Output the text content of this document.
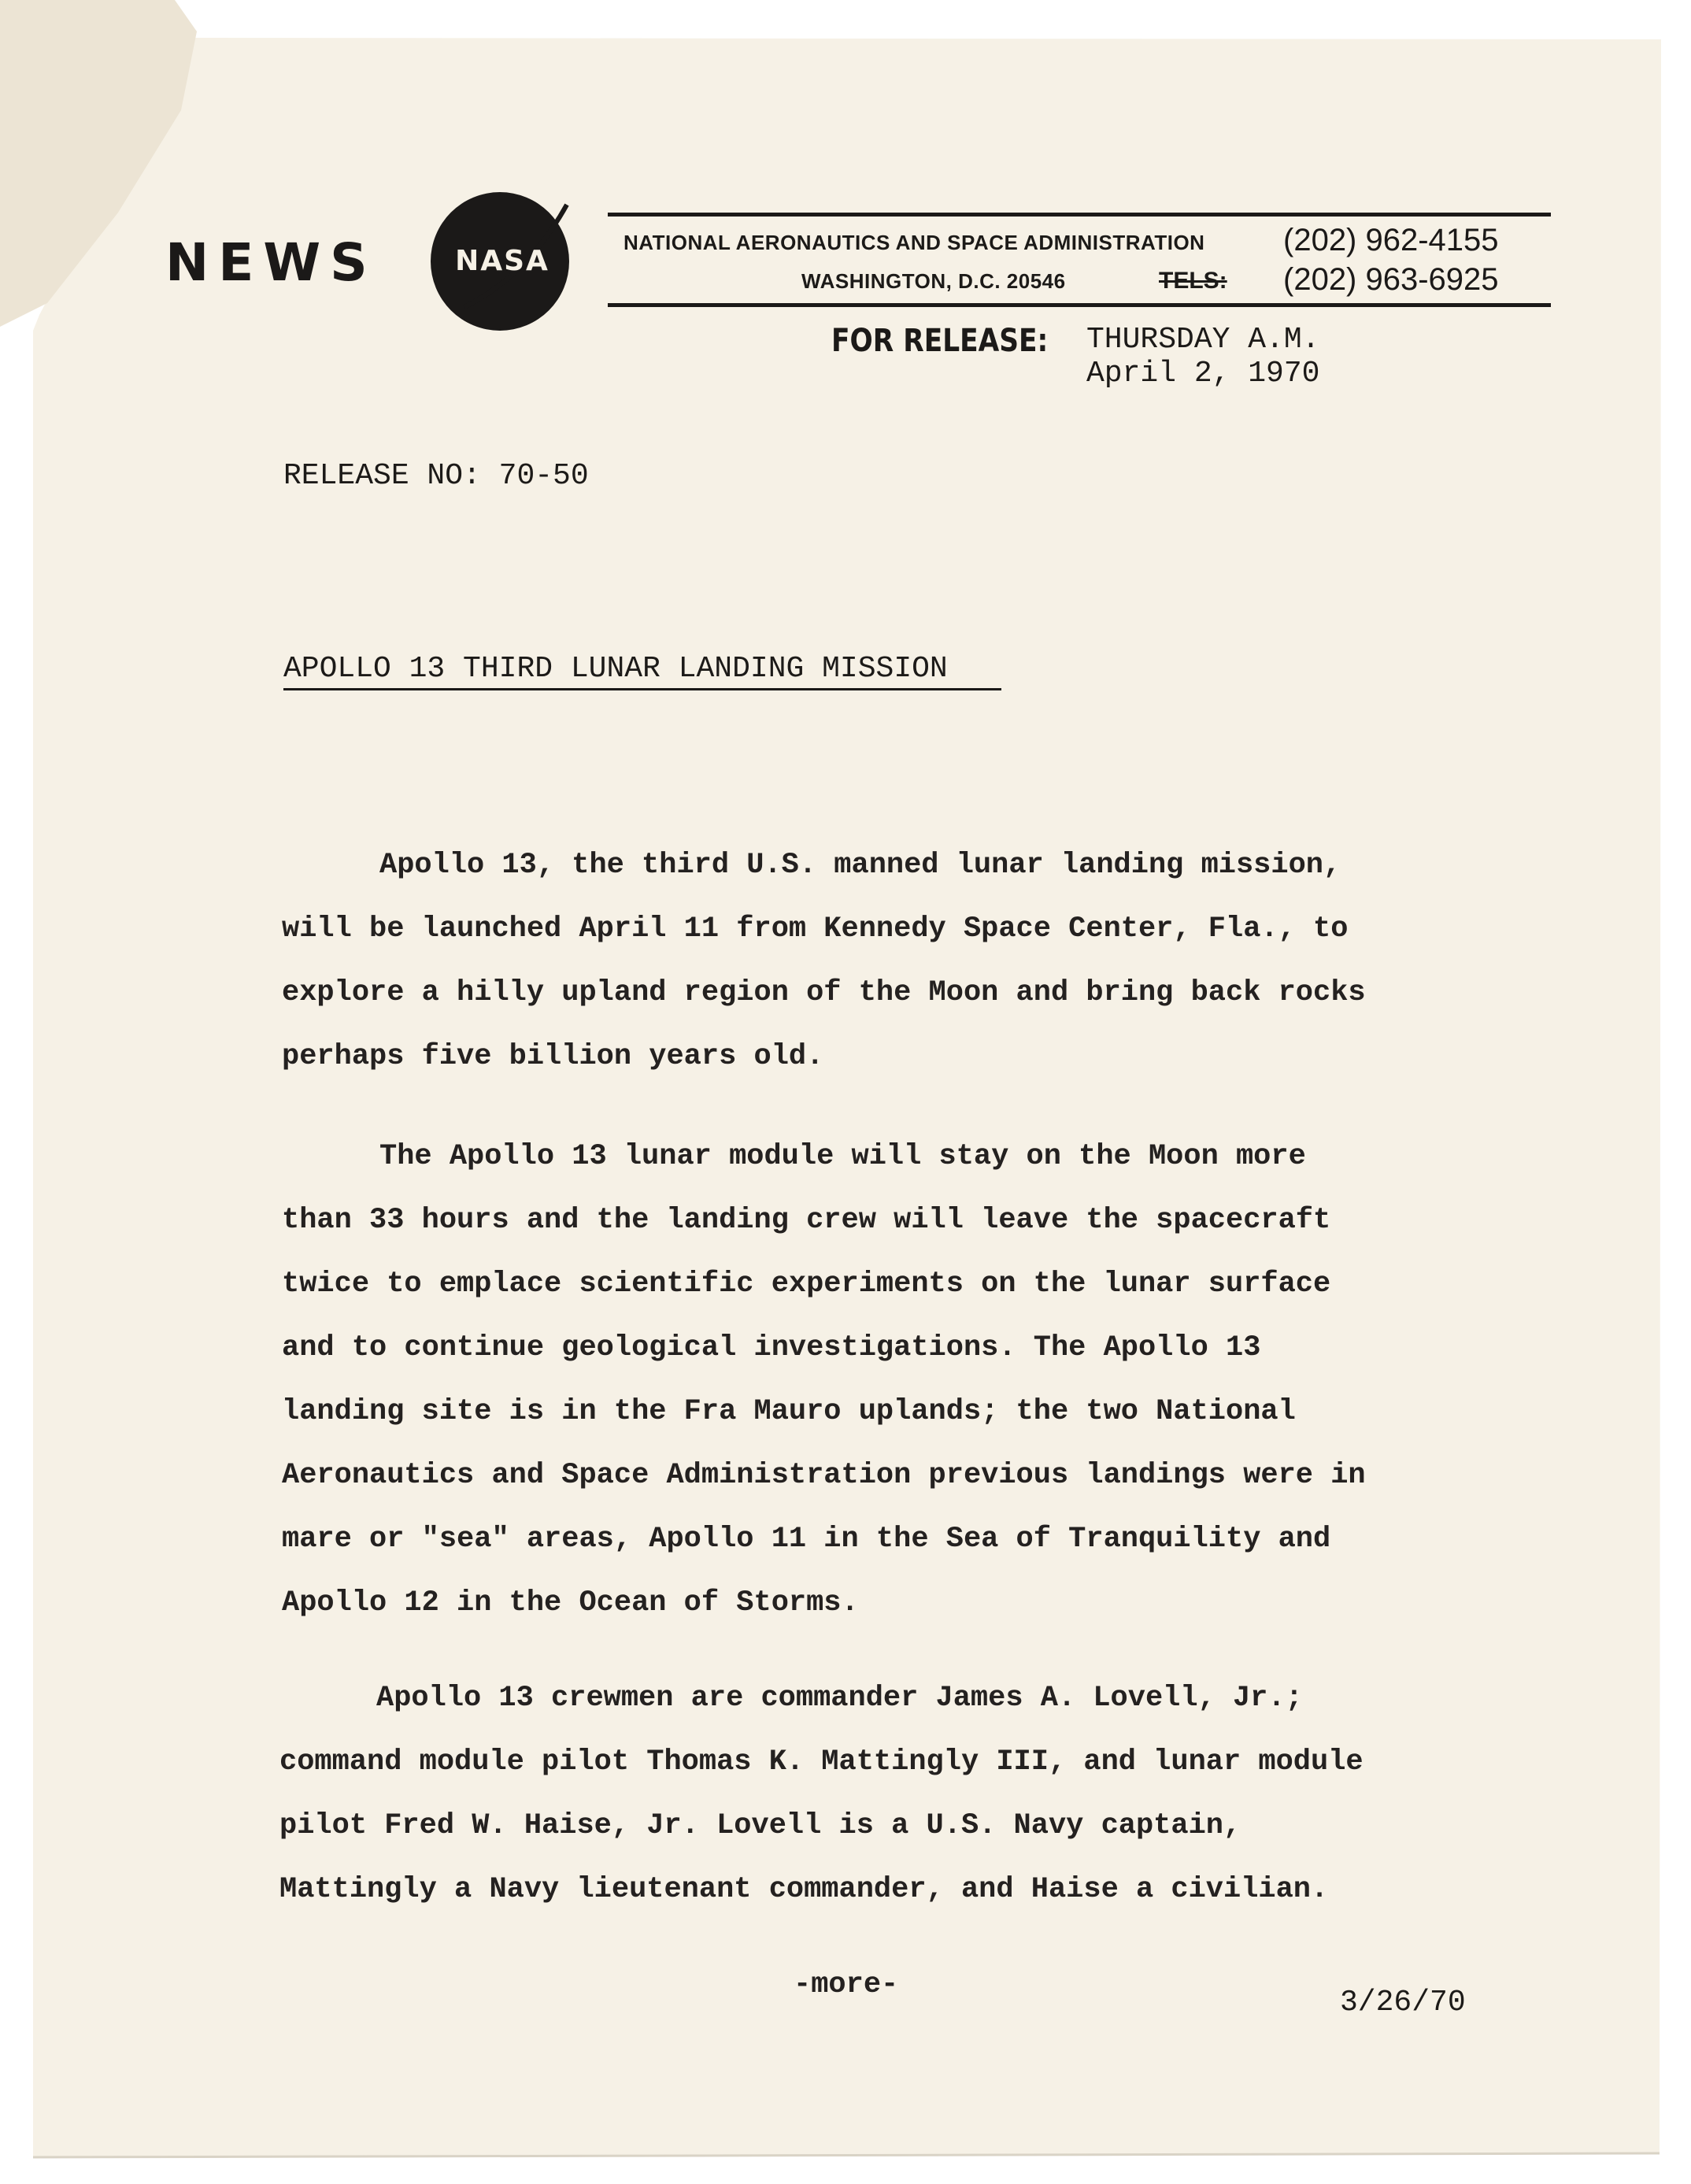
NEWS	NASA
NATIONAL AERONAUTICS AND SPACE ADMINISTRATION
WASHINGTON, D.C. 20546	TELS:
(202) 962-4155
(202) 963-6925
FOR RELEASE: THURSDAY A.M.
April 2, 1970
RELEASE NO: 70-50
APOLLO 13 THIRD LUNAR LANDING MISSION
Apollo 13, the third U.S. manned lunar landing mission,
will be launched April 11 from Kennedy Space Center, Fla., to
explore a hilly upland region of the Moon and bring back rocks
perhaps five billion years old.
The Apollo 13 lunar module will stay on the Moon more
than 33 hours and the landing crew will leave the spacecraft
twice to emplace scientific experiments on the lunar surface
and to continue geological investigations. The Apollo 13
landing site is in the Fra Mauro uplands; the two National
Aeronautics and Space Administration previous landings were in
mare or "sea" areas, Apollo 11 in the Sea of Tranquility and
Apollo 12 in the Ocean of Storms.
Apollo 13 crewmen are commander James A. Lovell, Jr.;
command module pilot Thomas K. Mattingly III, and lunar module
pilot Fred W. Haise, Jr. Lovell is a U.S. Navy captain,
Mattingly a Navy lieutenant commander, and Haise a civilian.
-more-
3/26/70
